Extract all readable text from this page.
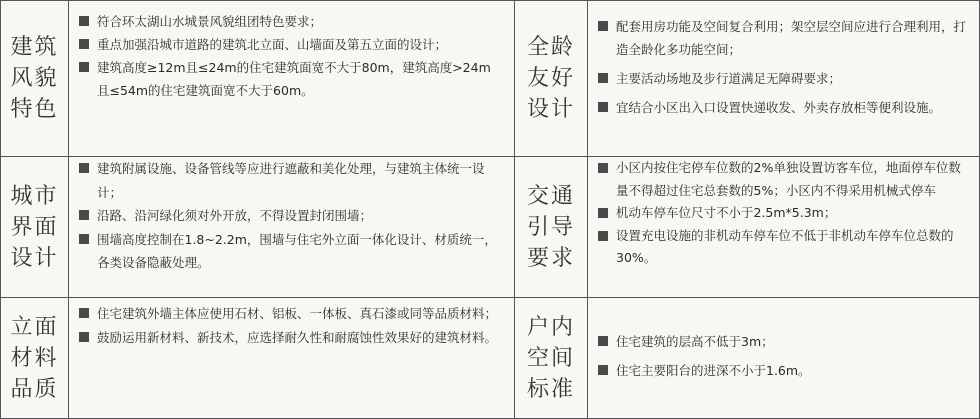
建筑风貌特色

符合环太湖山水城景风貌组团特色要求；

重点加强沿城市道路的建筑北立面、山墙面及第五立面的设计；

建筑高度≥12m且≤24m的住宅建筑面宽不大于80m，建筑高度>24m且≤54m的住宅建筑面宽不大于60m。

全龄友好设计

配套用房功能及空间复合利用；架空层空间应进行合理利用，打造全龄化多功能空间；

主要活动场地及步行道满足无障碍要求；

宜结合小区出入口设置快递收发、外卖存放柜等便利设施。

城市界面设计

建筑附属设施、设备管线等应进行遮蔽和美化处理，与建筑主体统一设计；

沿路、沿河绿化须对外开放，不得设置封闭围墙；

围墙高度控制在1.8~2.2m，围墙与住宅外立面一体化设计、材质统一，各类设备隐蔽处理。

交通引导要求

小区内按住宅停车位数的2%单独设置访客车位，地面停车位数量不得超过住宅总套数的5%；小区内不得采用机械式停车

机动车停车位尺寸不小于2.5m*5.3m；

设置充电设施的非机动车停车位不低于非机动车停车位总数的30%。

立面材料品质

住宅建筑外墙主体应使用石材、铝板、一体板、真石漆或同等品质材料；

鼓励运用新材料、新技术，应选择耐久性和耐腐蚀性效果好的建筑材料。 户内空间标准

住宅建筑的层高不低于3m；

住宅主要阳台的进深不小于1.6m。
